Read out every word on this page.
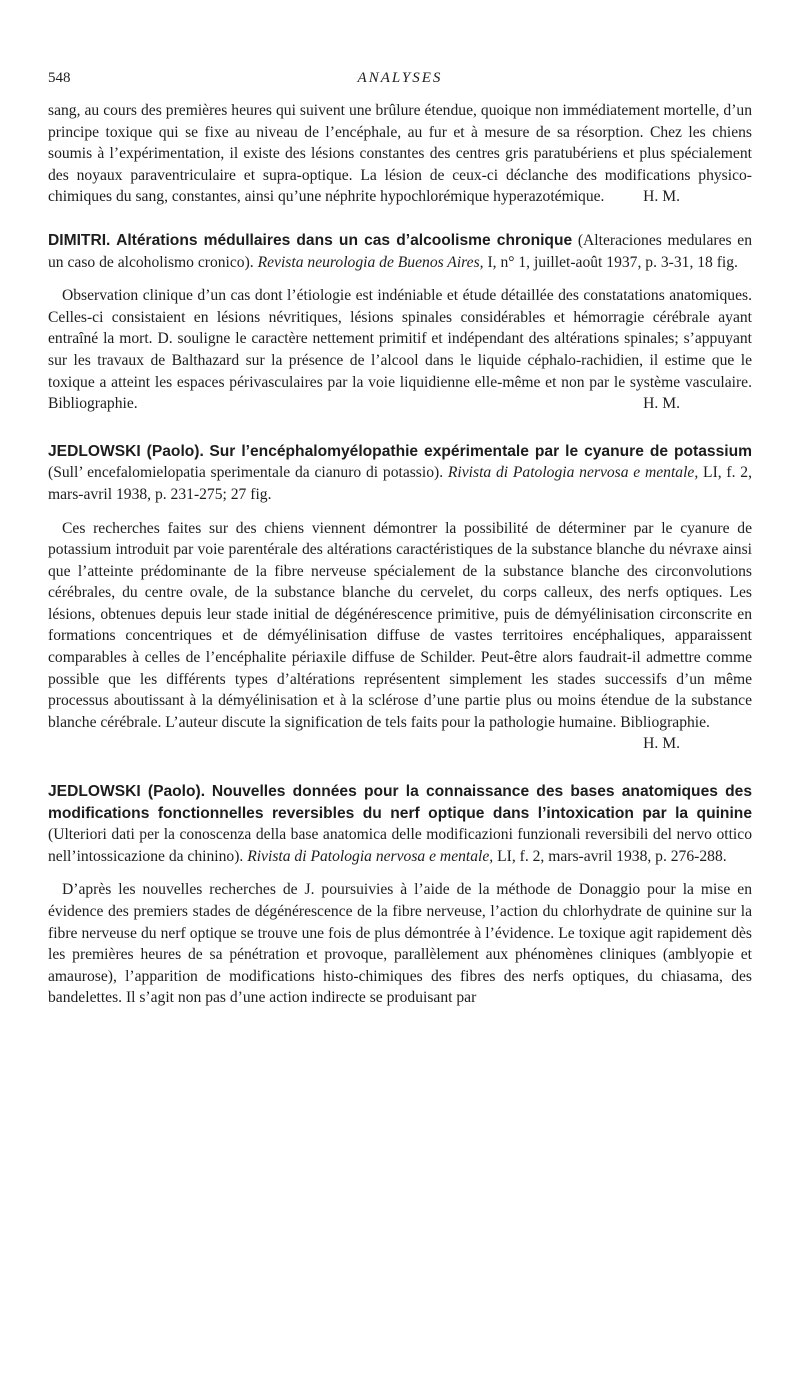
548	ANALYSES

sang, au cours des premières heures qui suivent une brûlure étendue, quoique non immédiatement mortelle, d’un principe toxique qui se fixe au niveau de l’encéphale, au fur et à mesure de sa résorption. Chez les chiens soumis à l’expérimentation, il existe des lésions constantes des centres gris paratubériens et plus spécialement des noyaux paraventriculaire et supra-optique. La lésion de ceux-ci déclanche des modifications physico-chimiques du sang, constantes, ainsi qu’une néphrite hypochlorémique hyperazotémique. H. M.

DIMITRI. Altérations médullaires dans un cas d’alcoolisme chronique (Alteraciones medulares en un caso de alcoholismo cronico). Revista neurologia de Buenos Aires, I, n° 1, juillet-août 1937, p. 3-31, 18 fig.

Observation clinique d’un cas dont l’étiologie est indéniable et étude détaillée des constatations anatomiques. Celles-ci consistaient en lésions névritiques, lésions spinales considérables et hémorragie cérébrale ayant entraîné la mort. D. souligne le caractère nettement primitif et indépendant des altérations spinales; s’appuyant sur les travaux de Balthazard sur la présence de l’alcool dans le liquide céphalo-rachidien, il estime que le toxique a atteint les espaces périvasculaires par la voie liquidienne elle-même et non par le système vasculaire. Bibliographie.	H. M.

JEDLOWSKI (Paolo). Sur l’encéphalomyélopathie expérimentale par le cyanure de potassium (Sull’ encefalomielopatia sperimentale da cianuro di potassio). Rivista di Patologia nervosa e mentale, LI, f. 2, mars-avril 1938, p. 231-275; 27 fig.

Ces recherches faites sur des chiens viennent démontrer la possibilité de déterminer par le cyanure de potassium introduit par voie parentérale des altérations caractéristiques de la substance blanche du névraxe ainsi que l’atteinte prédominante de la fibre nerveuse spécialement de la substance blanche des circonvolutions cérébrales, du centre ovale, de la substance blanche du cervelet, du corps calleux, des nerfs optiques. Les lésions, obtenues depuis leur stade initial de dégénérescence primitive, puis de démyélinisation circonscrite en formations concentriques et de démyélinisation diffuse de vastes territoires encéphaliques, apparaissent comparables à celles de l’encéphalite périaxile diffuse de Schilder. Peut-être alors faudrait-il admettre comme possible que les différents types d’altérations représentent simplement les stades successifs d’un même processus aboutissant à la démyélinisation et à la sclérose d’une partie plus ou moins étendue de la substance blanche cérébrale. L’auteur discute la signification de tels faits pour la pathologie humaine. Bibliographie.
H. M.

JEDLOWSKI (Paolo). Nouvelles données pour la connaissance des bases anatomiques des modifications fonctionnelles reversibles du nerf optique dans l’intoxication par la quinine (Ulteriori dati per la conoscenza della base anatomica delle modificazioni funzionali reversibili del nervo ottico nell’intossicazione da chinino). Rivista di Patologia nervosa e mentale, LI, f. 2, mars-avril 1938, p. 276-288.

D’après les nouvelles recherches de J. poursuivies à l’aide de la méthode de Donaggio pour la mise en évidence des premiers stades de dégénérescence de la fibre nerveuse, l’action du chlorhydrate de quinine sur la fibre nerveuse du nerf optique se trouve une fois de plus démontrée à l’évidence. Le toxique agit rapidement dès les premières heures de sa pénétration et provoque, parallèlement aux phénomènes cliniques (amblyopie et amaurose), l’apparition de modifications histo-chimiques des fibres des nerfs optiques, du chiasama, des bandelettes. Il s’agit non pas d’une action indirecte se produisant par
